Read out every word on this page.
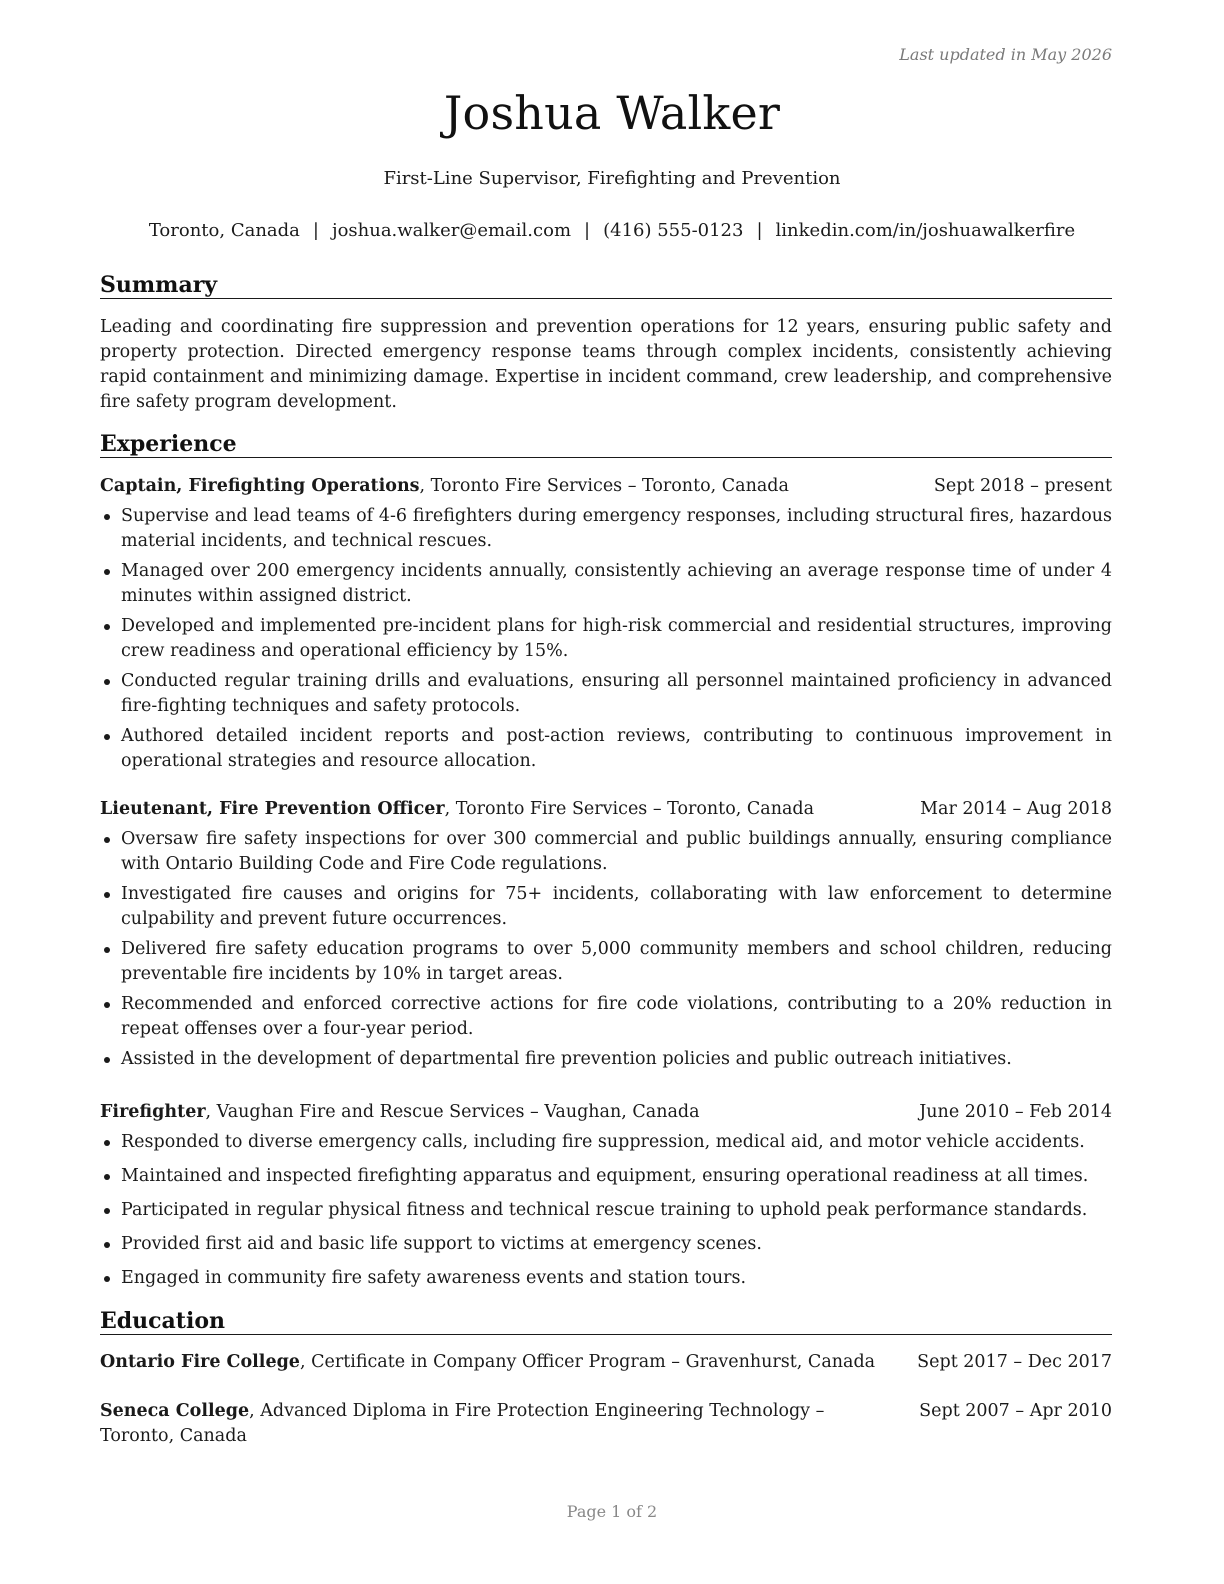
Last updated in May 2026
Joshua Walker
First-Line Supervisor, Firefighting and Prevention
Toronto, Canada | joshua.walker@email.com | (416) 555-0123 | linkedin.com/in/joshuawalkerfire
Summary
Leading and coordinating fire suppression and prevention operations for 12 years, ensuring public safety and property protection. Directed emergency response teams through complex incidents, consistently achieving rapid containment and minimizing damage. Expertise in incident command, crew leadership, and comprehensive fire safety program development.
Experience
Captain, Firefighting Operations, Toronto Fire Services – Toronto, Canada	Sept 2018 – present
Supervise and lead teams of 4-6 firefighters during emergency responses, including structural fires, hazardous material incidents, and technical rescues.
Managed over 200 emergency incidents annually, consistently achieving an average response time of under 4 minutes within assigned district.
Developed and implemented pre-incident plans for high-risk commercial and residential structures, improving crew readiness and operational efficiency by 15%.
Conducted regular training drills and evaluations, ensuring all personnel maintained proficiency in advanced fire-fighting techniques and safety protocols.
Authored detailed incident reports and post-action reviews, contributing to continuous improvement in operational strategies and resource allocation.
Lieutenant, Fire Prevention Officer, Toronto Fire Services – Toronto, Canada	Mar 2014 – Aug 2018
Oversaw fire safety inspections for over 300 commercial and public buildings annually, ensuring compliance with Ontario Building Code and Fire Code regulations.
Investigated fire causes and origins for 75+ incidents, collaborating with law enforcement to determine culpability and prevent future occurrences.
Delivered fire safety education programs to over 5,000 community members and school children, reducing preventable fire incidents by 10% in target areas.
Recommended and enforced corrective actions for fire code violations, contributing to a 20% reduction in repeat offenses over a four-year period.
Assisted in the development of departmental fire prevention policies and public outreach initiatives.
Firefighter, Vaughan Fire and Rescue Services – Vaughan, Canada	June 2010 – Feb 2014
Responded to diverse emergency calls, including fire suppression, medical aid, and motor vehicle accidents.
Maintained and inspected firefighting apparatus and equipment, ensuring operational readiness at all times.
Participated in regular physical fitness and technical rescue training to uphold peak performance standards.
Provided first aid and basic life support to victims at emergency scenes.
Engaged in community fire safety awareness events and station tours.
Education
Ontario Fire College, Certificate in Company Officer Program – Gravenhurst, Canada	Sept 2017 – Dec 2017
Seneca College, Advanced Diploma in Fire Protection Engineering Technology – Toronto, Canada
Sept 2007 – Apr 2010
Page 1 of 2
